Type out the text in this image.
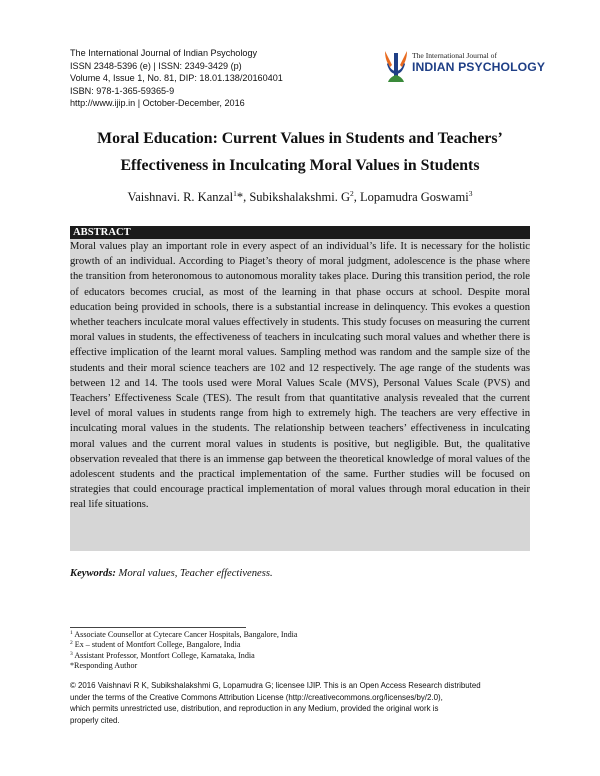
The International Journal of Indian Psychology
ISSN 2348-5396 (e) | ISSN: 2349-3429 (p)
Volume 4, Issue 1, No. 81, DIP: 18.01.138/20160401
ISBN: 978-1-365-59365-9
http://www.ijip.in | October-December, 2016
The International Journal of
INDIAN PSYCHOLOGY
Moral Education: Current Values in Students and Teachers’
Effectiveness in Inculcating Moral Values in Students
Vaishnavi. R. Kanzal$^1$*, Subikshalakshmi. $G^2$, Lopamudra Goswami$^3$
ABSTRACT
Moral values play an important role in every aspect of an individual’s life. It is necessary for the holistic growth of an individual. According to Piaget’s theory of moral judgment, adolescence is the phase where the transition from heteronomous to autonomous morality takes place. During this transition period, the role of educators becomes crucial, as most of the learning in that phase occurs at school. Despite moral education being provided in schools, there is a substantial increase in delinquency. This evokes a question whether teachers inculcate moral values effectively in students. This study focuses on measuring the current moral values in students, the effectiveness of teachers in inculcating such moral values and whether there is effective implication of the learnt moral values. Sampling method was random and the sample size of the students and their moral science teachers are 102 and 12 respectively. The age range of the students was between 12 and 14. The tools used were Moral Values Scale (MVS), Personal Values Scale (PVS) and Teachers’ Effectiveness Scale (TES). The result from that quantitative analysis revealed that the current level of moral values in students range from high to extremely high. The teachers are very effective in inculcating moral values in the students. The relationship between teachers’ effectiveness in inculcating moral values and the current moral values in students is positive, but negligible. But, the qualitative observation revealed that there is an immense gap between the theoretical knowledge of moral values of the adolescent students and the practical implementation of the same. Further studies will be focused on strategies that could encourage practical implementation of moral values through moral education in their real life situations.
Keywords: Moral values, Teacher effectiveness.
$^1$ Associate Counsellor at Cytecare Cancer Hospitals, Bangalore, India
$^2$ Ex – student of Montfort College, Bangalore, India
$^3$ Assistant Professor, Montfort College, Karnataka, India
*Responding Author
© 2016 Vaishnavi R K, Subikshalakshmi G, Lopamudra G; licensee IJIP. This is an Open Access Research distributed
under the terms of the Creative Commons Attribution License (http://creativecommons.org/licenses/by/2.0),
which permits unrestricted use, distribution, and reproduction in any Medium, provided the original work is
properly cited.
